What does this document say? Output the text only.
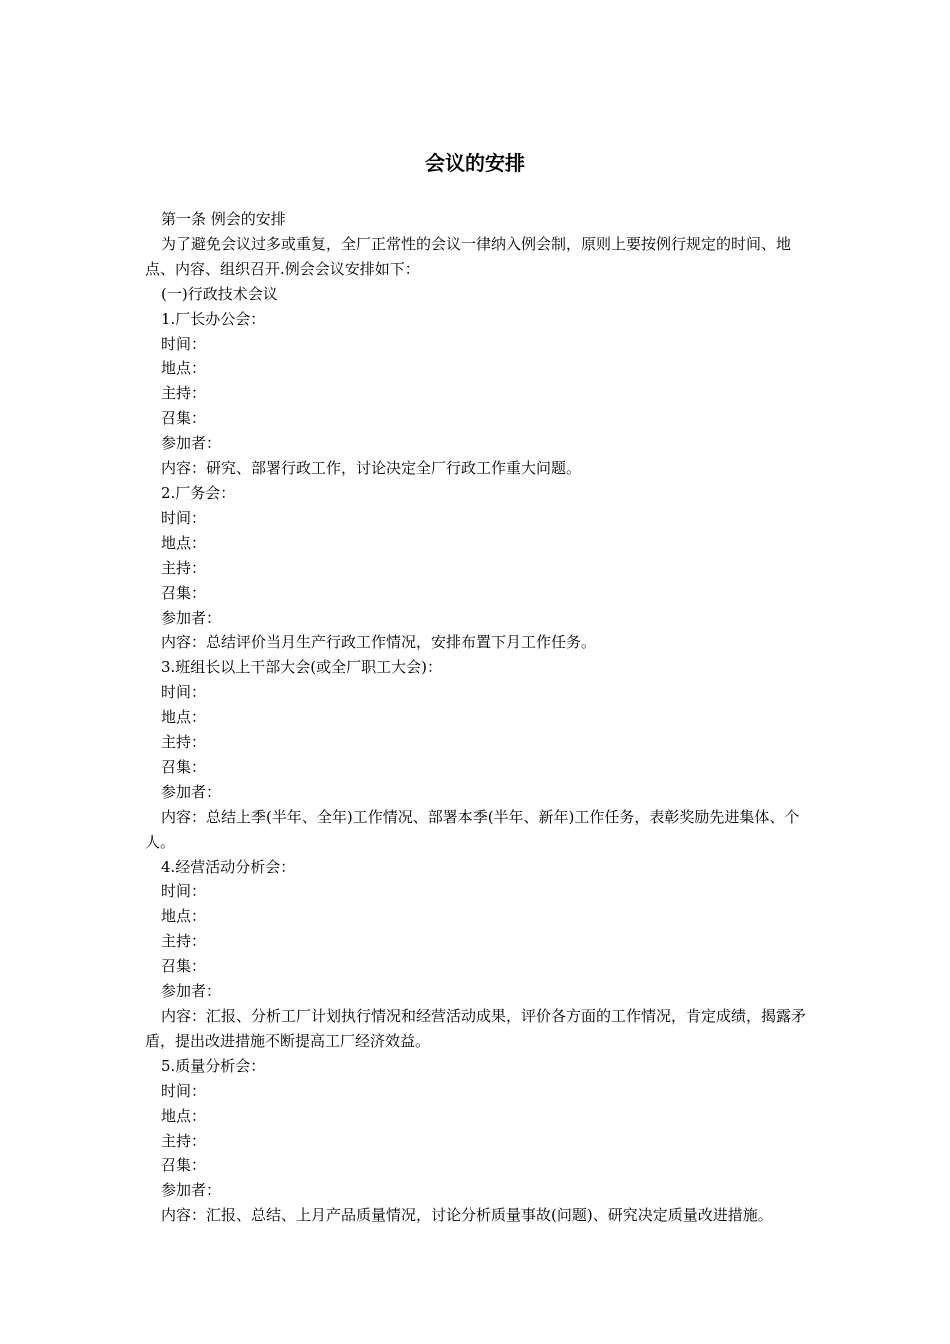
会议的安排

第一条 例会的安排

为了避免会议过多或重复，全厂正常性的会议一律纳入例会制，原则上要按例行规定的时间、地点、内容、组织召开.例会会议安排如下：

(一)行政技术会议

1.厂长办公会：

时间：

地点：

主持：

召集：

参加者：

内容：研究、部署行政工作，讨论决定全厂行政工作重大问题。

2.厂务会：

时间：

地点：

主持：

召集：

参加者：

内容：总结评价当月生产行政工作情况，安排布置下月工作任务。

3.班组长以上干部大会(或全厂职工大会)：

时间：

地点：

主持：

召集：

参加者：

内容：总结上季(半年、全年)工作情况、部署本季(半年、新年)工作任务，表彰奖励先进集体、个人。

4.经营活动分析会：

时间：

地点：

主持：

召集：

参加者：

内容：汇报、分析工厂计划执行情况和经营活动成果，评价各方面的工作情况，肯定成绩，揭露矛盾，提出改进措施不断提高工厂经济效益。

5.质量分析会：

时间：

地点：

主持：

召集：

参加者：

内容：汇报、总结、上月产品质量情况，讨论分析质量事故(问题)、研究决定质量改进措施。
